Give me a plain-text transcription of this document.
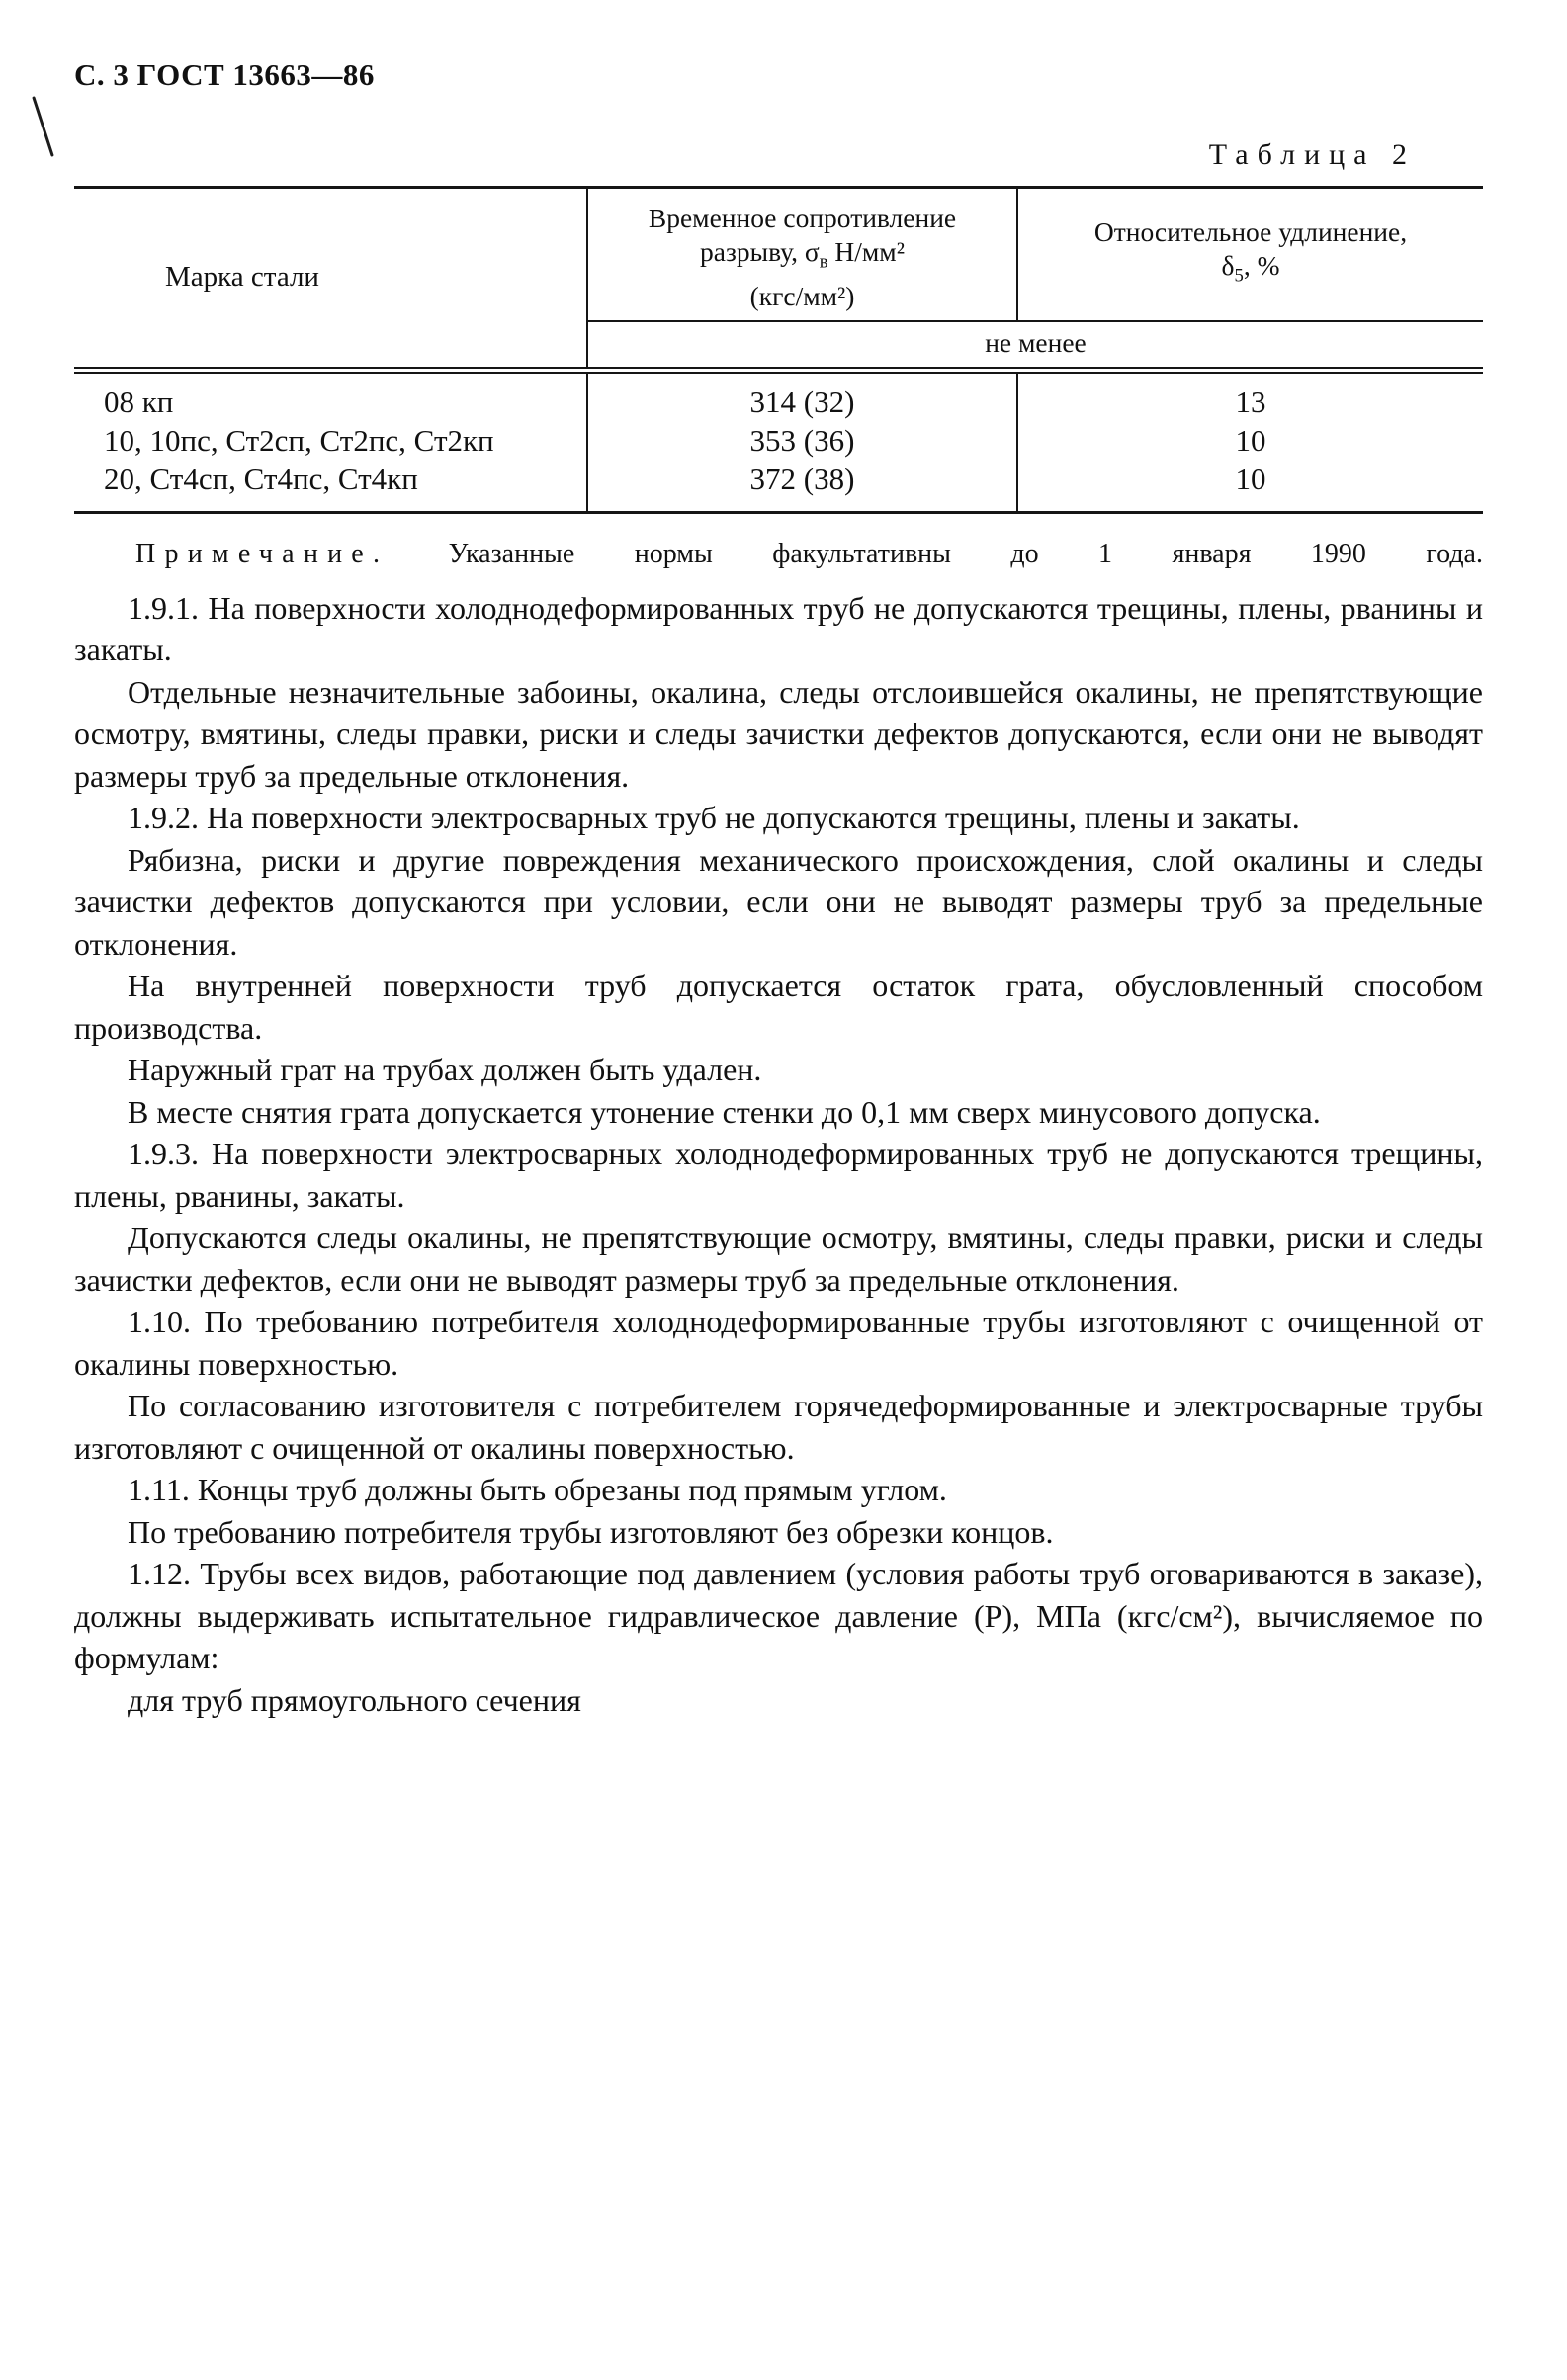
С. 3 ГОСТ 13663—86
Таблица 2
Марка стали
Временное сопротивление
разрыву, $\sigma_в$ Н/мм²
(кгс/мм²)
Относительное удлинение,
$\delta_5$, %
не менее
08 кп	314 (32)	13
10, 10пс, Ст2сп, Ст2пс, Ст2кп	353 (36)	10
20, Ст4сп, Ст4пс, Ст4кп	372 (38)	10
Примечание. Указанные нормы факультативны до 1 января 1990 года.

1.9.1. На поверхности холоднодеформированных труб не допускаются трещины, плены, рванины и закаты.

Отдельные незначительные забоины, окалина, следы отслоившейся окалины, не препятствующие осмотру, вмятины, следы правки, риски и следы зачистки дефектов допускаются, если они не выводят размеры труб за предельные отклонения.

1.9.2. На поверхности электросварных труб не допускаются трещины, плены и закаты.

Рябизна, риски и другие повреждения механического происхождения, слой окалины и следы зачистки дефектов допускаются при условии, если они не выводят размеры труб за предельные отклонения.

На внутренней поверхности труб допускается остаток грата, обусловленный способом производства.

Наружный грат на трубах должен быть удален.

В месте снятия грата допускается утонение стенки до 0,1 мм сверх минусового допуска.

1.9.3. На поверхности электросварных холоднодеформированных труб не допускаются трещины, плены, рванины, закаты.

Допускаются следы окалины, не препятствующие осмотру, вмятины, следы правки, риски и следы зачистки дефектов, если они не выводят размеры труб за предельные отклонения.

1.10. По требованию потребителя холоднодеформированные трубы изготовляют с очищенной от окалины поверхностью.

По согласованию изготовителя с потребителем горячедеформированные и электросварные трубы изготовляют с очищенной от окалины поверхностью.

1.11. Концы труб должны быть обрезаны под прямым углом.

По требованию потребителя трубы изготовляют без обрезки концов.

1.12. Трубы всех видов, работающие под давлением (условия работы труб оговариваются в заказе), должны выдерживать испытательное гидравлическое давление (Р), МПа (кгс/см²), вычисляемое по формулам:

для труб прямоугольного сечения
